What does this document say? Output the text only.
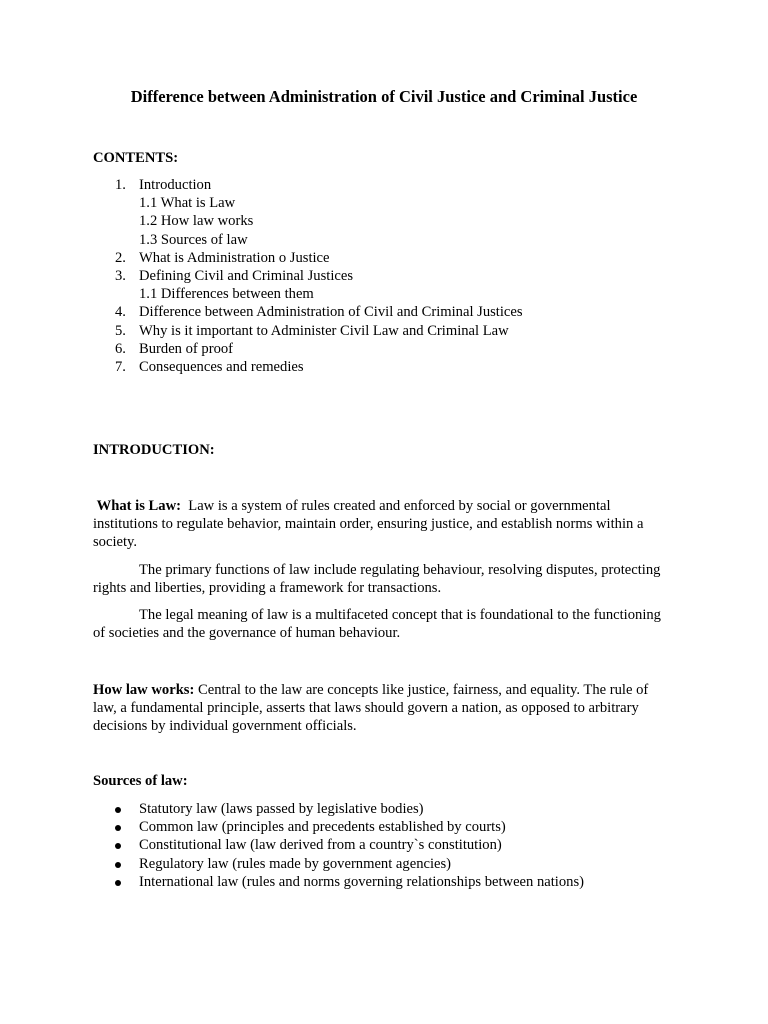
Difference between Administration of Civil Justice and Criminal Justice

CONTENTS:

1. Introduction
1.1 What is Law
1.2 How law works
1.3 Sources of law
2. What is Administration o Justice
3. Defining Civil and Criminal Justices
1.1 Differences between them
4. Difference between Administration of Civil and Criminal Justices
5. Why is it important to Administer Civil Law and Criminal Law
6. Burden of proof
7. Consequences and remedies

INTRODUCTION:

What is Law: Law is a system of rules created and enforced by social or governmental institutions to regulate behavior, maintain order, ensuring justice, and establish norms within a society.

The primary functions of law include regulating behaviour, resolving disputes, protecting rights and liberties, providing a framework for transactions.

The legal meaning of law is a multifaceted concept that is foundational to the functioning of societies and the governance of human behaviour.

How law works: Central to the law are concepts like justice, fairness, and equality. The rule of law, a fundamental principle, asserts that laws should govern a nation, as opposed to arbitrary decisions by individual government officials.

Sources of law:

Statutory law (laws passed by legislative bodies)
Common law (principles and precedents established by courts)
Constitutional law (law derived from a country`s constitution)
Regulatory law (rules made by government agencies)
International law (rules and norms governing relationships between nations)
